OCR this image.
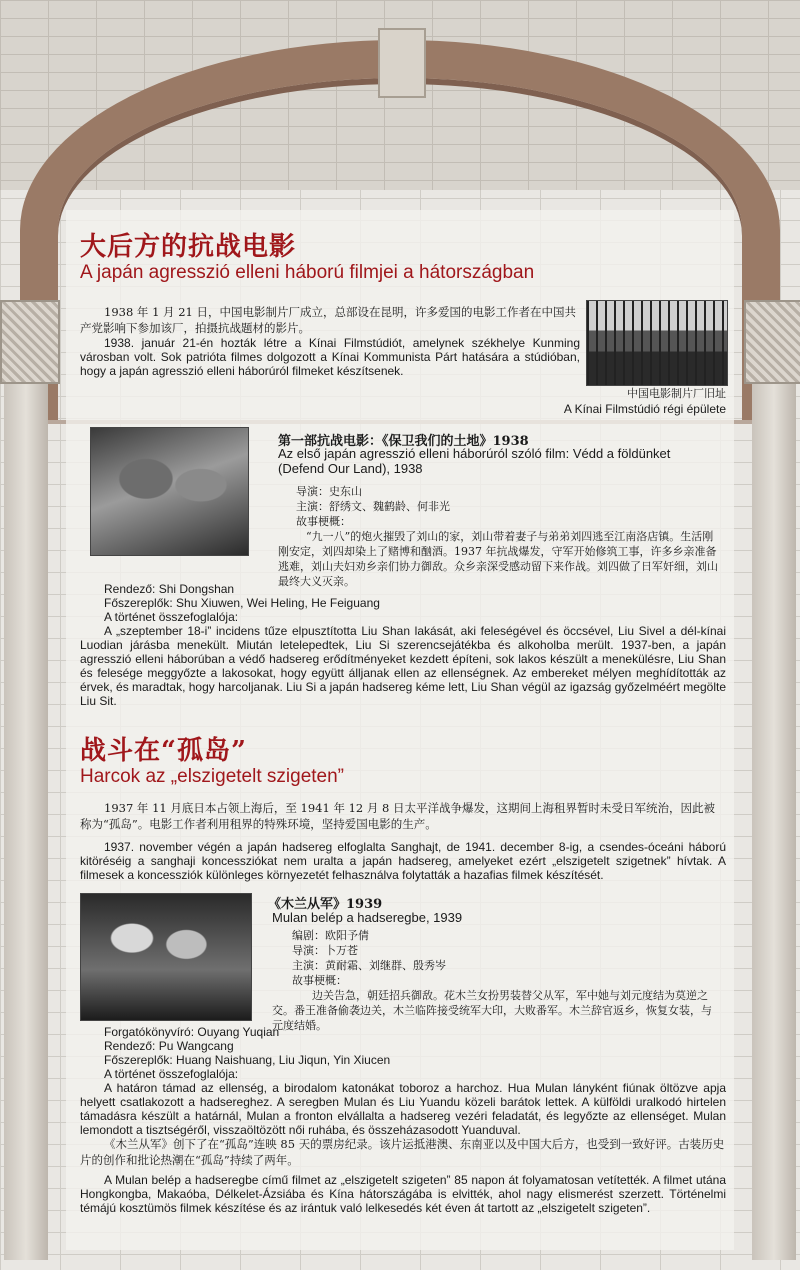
大后方的抗战电影
A japán agresszió elleni háború filmjei a hátországban
1938 年 1 月 21 日，中国电影制片厂成立，总部设在昆明，许多爱国的电影工作者在中国共产党影响下参加该厂，拍摄抗战题材的影片。
1938. január 21-én hozták létre a Kínai Filmstúdiót, amelynek székhelye Kunming városban volt. Sok patrióta filmes dolgozott a Kínai Kommunista Párt hatására a stúdióban, hogy a japán agresszió elleni háborúról filmeket készítsenek.
中国电影制片厂旧址
A Kínai Filmstúdió régi épülete
第一部抗战电影：《保卫我们的土地》1938
Az első japán agresszió elleni háborúról szóló film: Védd a földünket (Defend Our Land), 1938
导演：史东山
主演：舒绣文、魏鹤龄、何非光
故事梗概：
“九一八”的炮火摧毁了刘山的家，刘山带着妻子与弟弟刘四逃至江南洛店镇。生活刚刚安定，刘四却染上了赌博和酗酒。1937 年抗战爆发，守军开始修筑工事，许多乡亲准备逃难，刘山夫妇劝乡亲们协力御敌。众乡亲深受感动留下来作战。刘四做了日军奸细，刘山最终大义灭亲。
Rendező: Shi Dongshan
Főszereplők: Shu Xiuwen, Wei Heling, He Feiguang
A történet összefoglalója:
A „szeptember 18-i” incidens tűze elpusztította Liu Shan lakását, aki feleségével és öccsével, Liu Sivel a dél-kínai Luodian járásba menekült. Miután letelepedtek, Liu Si szerencsejátékba és alkoholba merült. 1937-ben, a japán agresszió elleni háborúban a védő hadsereg erődítményeket kezdett építeni, sok lakos készült a menekülésre, Liu Shan és felesége meggyőzte a lakosokat, hogy együtt álljanak ellen az ellenségnek. Az embereket mélyen meghídították az érvek, és maradtak, hogy harcoljanak. Liu Si a japán hadsereg kéme lett, Liu Shan végül az igazság győzelméért megölte Liu Sit.
战斗在“孤岛”
Harcok az „elszigetelt szigeten”
1937 年 11 月底日本占领上海后，至 1941 年 12 月 8 日太平洋战争爆发，这期间上海租界暂时未受日军统治，因此被称为“孤岛”。电影工作者利用租界的特殊环境，坚持爱国电影的生产。
1937. november végén a japán hadsereg elfoglalta Sanghajt, de 1941. december 8-ig, a csendes-óceáni háború kitöréséig a sanghaji koncessziókat nem uralta a japán hadsereg, amelyeket ezért „elszigetelt szigetnek” hívtak. A filmesek a koncessziók különleges környezetét felhasználva folytatták a hazafias filmek készítését.
《木兰从军》1939
Mulan belép a hadseregbe, 1939
编剧：欧阳予倩
导演：卜万苍
主演：黄耐霜、刘继群、殷秀岑
故事梗概：
边关告急，朝廷招兵御敌。花木兰女扮男装替父从军，军中她与刘元度结为莫逆之交。番王准备偷袭边关，木兰临阵接受统军大印，大败番军。木兰辞官返乡，恢复女装，与元度结婚。
Forgatókönyvíró: Ouyang Yuqian
Rendező: Pu Wangcang
Főszereplők: Huang Naishuang, Liu Jiqun, Yin Xiucen
A történet összefoglalója:
A határon támad az ellenség, a birodalom katonákat toboroz a harchoz. Hua Mulan lányként fiúnak öltözve apja helyett csatlakozott a hadsereghez. A seregben Mulan és Liu Yuandu közeli barátok lettek. A külföldi uralkodó hirtelen támadásra készült a határnál, Mulan a fronton elvállalta a hadsereg vezéri feladatát, és legyőzte az ellenséget. Mulan lemondott a tisztségéről, visszaöltözött női ruhába, és összeházasodott Yuanduval.
《木兰从军》创下了在“孤岛”连映 85 天的票房纪录。该片运抵港澳、东南亚以及中国大后方，也受到一致好评。古装历史片的创作和批论热潮在“孤岛”持续了两年。
A Mulan belép a hadseregbe című filmet az „elszigetelt szigeten” 85 napon át folyamatosan vetítették. A filmet utána Hongkongba, Makaóba, Délkelet-Ázsiába és Kína hátországába is elvitték, ahol nagy elismerést szerzett. Történelmi témájú kosztümös filmek készítése és az irántuk való lelkesedés két éven át tartott az „elszigetelt szigeten”.
